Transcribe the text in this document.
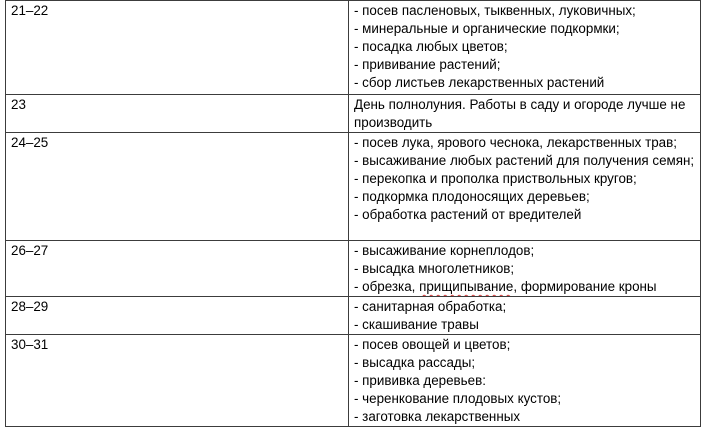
21–22	- посев пасленовых, тыквенных, луковичных;
- минеральные и органические подкормки;
- посадка любых цветов;
- прививание растений;
- сбор листьев лекарственных растений

23	День полнолуния. Работы в саду и огороде лучше не производить

24–25	- посев лука, ярового чеснока, лекарственных трав;
- высаживание любых растений для получения семян;
- перекопка и прополка приствольных кругов;
- подкормка плодоносящих деревьев;
- обработка растений от вредителей

26–27	- высаживание корнеплодов;
- высадка многолетников;
- обрезка, прищипывание, формирование кроны

28–29	- санитарная обработка;
- скашивание травы

30–31	- посев овощей и цветов;
- высадка рассады;
- прививка деревьев:
- черенкование плодовых кустов;
- заготовка лекарственных
